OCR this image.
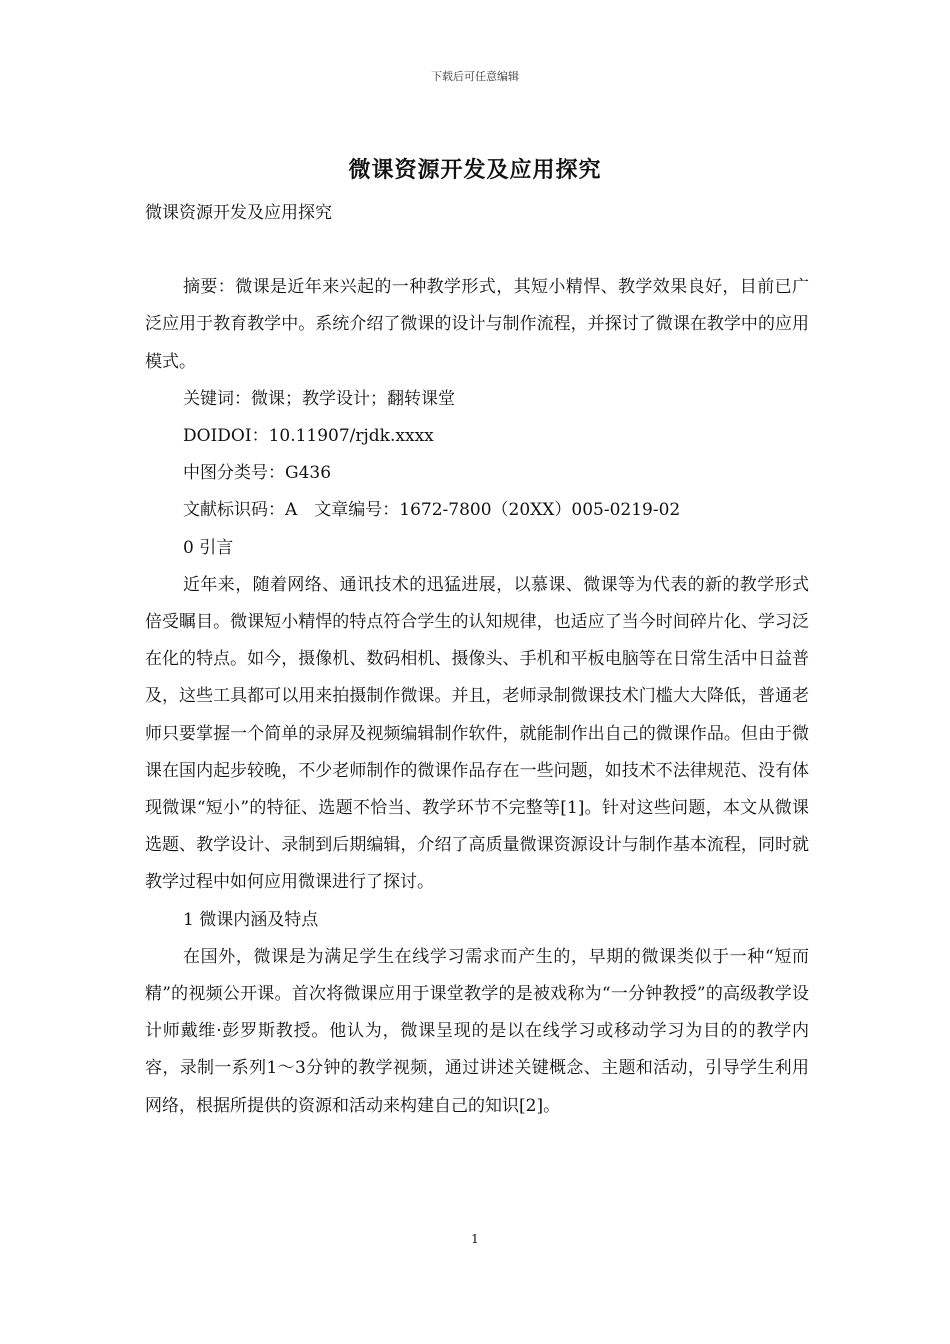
下载后可任意编辑
微课资源开发及应用探究

微课资源开发及应用探究

摘要：微课是近年来兴起的一种教学形式，其短小精悍、教学效果良好，目前已广泛应用于教育教学中。系统介绍了微课的设计与制作流程，并探讨了微课在教学中的应用模式。

关键词：微课；教学设计；翻转课堂

DOIDOI：10.11907/rjdk.xxxx

中图分类号：G436

文献标识码：A　文章编号：1672-7800（20XX）005-0219-02

0 引言

近年来，随着网络、通讯技术的迅猛进展，以慕课、微课等为代表的新的教学形式倍受瞩目。微课短小精悍的特点符合学生的认知规律，也适应了当今时间碎片化、学习泛在化的特点。如今，摄像机、数码相机、摄像头、手机和平板电脑等在日常生活中日益普及，这些工具都可以用来拍摄制作微课。并且，老师录制微课技术门槛大大降低，普通老师只要掌握一个简单的录屏及视频编辑制作软件，就能制作出自己的微课作品。但由于微课在国内起步较晚，不少老师制作的微课作品存在一些问题，如技术不法律规范、没有体现微课“短小”的特征、选题不恰当、教学环节不完整等[1]。针对这些问题，本文从微课选题、教学设计、录制到后期编辑，介绍了高质量微课资源设计与制作基本流程，同时就教学过程中如何应用微课进行了探讨。

1 微课内涵及特点

在国外，微课是为满足学生在线学习需求而产生的，早期的微课类似于一种“短而精”的视频公开课。首次将微课应用于课堂教学的是被戏称为“一分钟教授”的高级教学设计师戴维·彭罗斯教授。他认为，微课呈现的是以在线学习或移动学习为目的的教学内容，录制一系列1～3分钟的教学视频，通过讲述关键概念、主题和活动，引导学生利用网络，根据所提供的资源和活动来构建自己的知识[2]。

1
